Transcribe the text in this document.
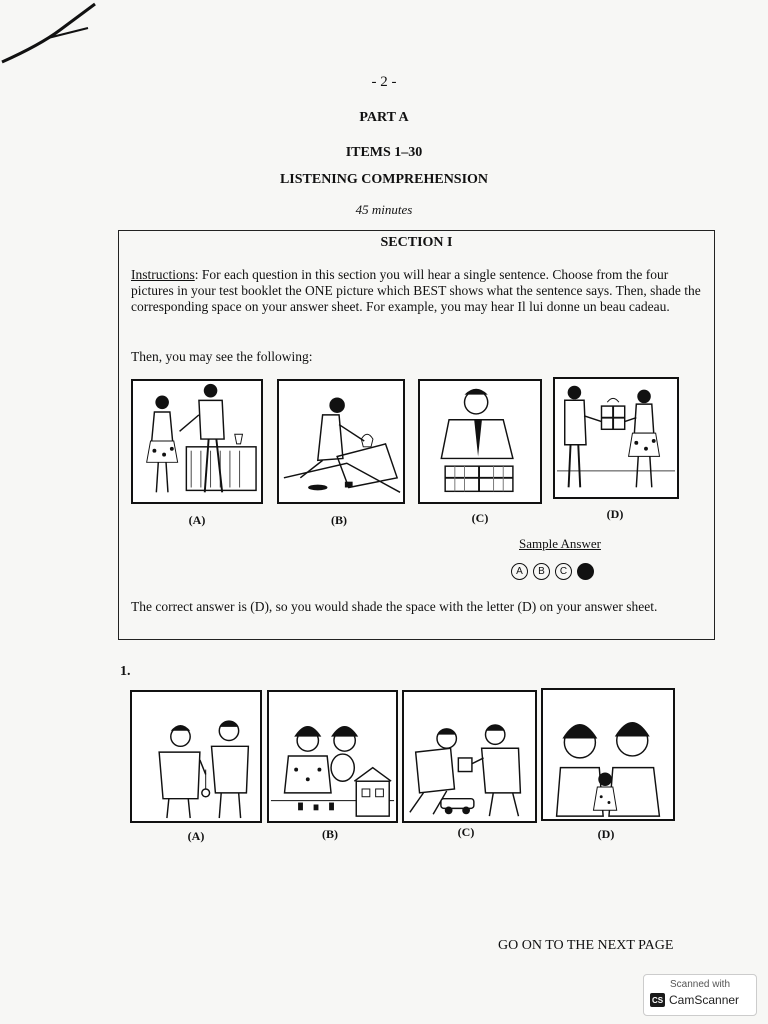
- 2 -
PART A
ITEMS 1–30
LISTENING COMPREHENSION
45 minutes
SECTION I
Instructions: For each question in this section you will hear a single sentence. Choose from the four pictures in your test booklet the ONE picture which BEST shows what the sentence says. Then, shade the corresponding space on your answer sheet. For example, you may hear Il lui donne un beau cadeau.
Then, you may see the following:
(A)	(B)	(C)	(D)
Sample Answer
A	B	C
The correct answer is (D), so you would shade the space with the letter (D) on your answer sheet.
1.
(A)	(B)	(C)	(D)
GO ON TO THE NEXT PAGE
Scanned with
CS CamScanner
